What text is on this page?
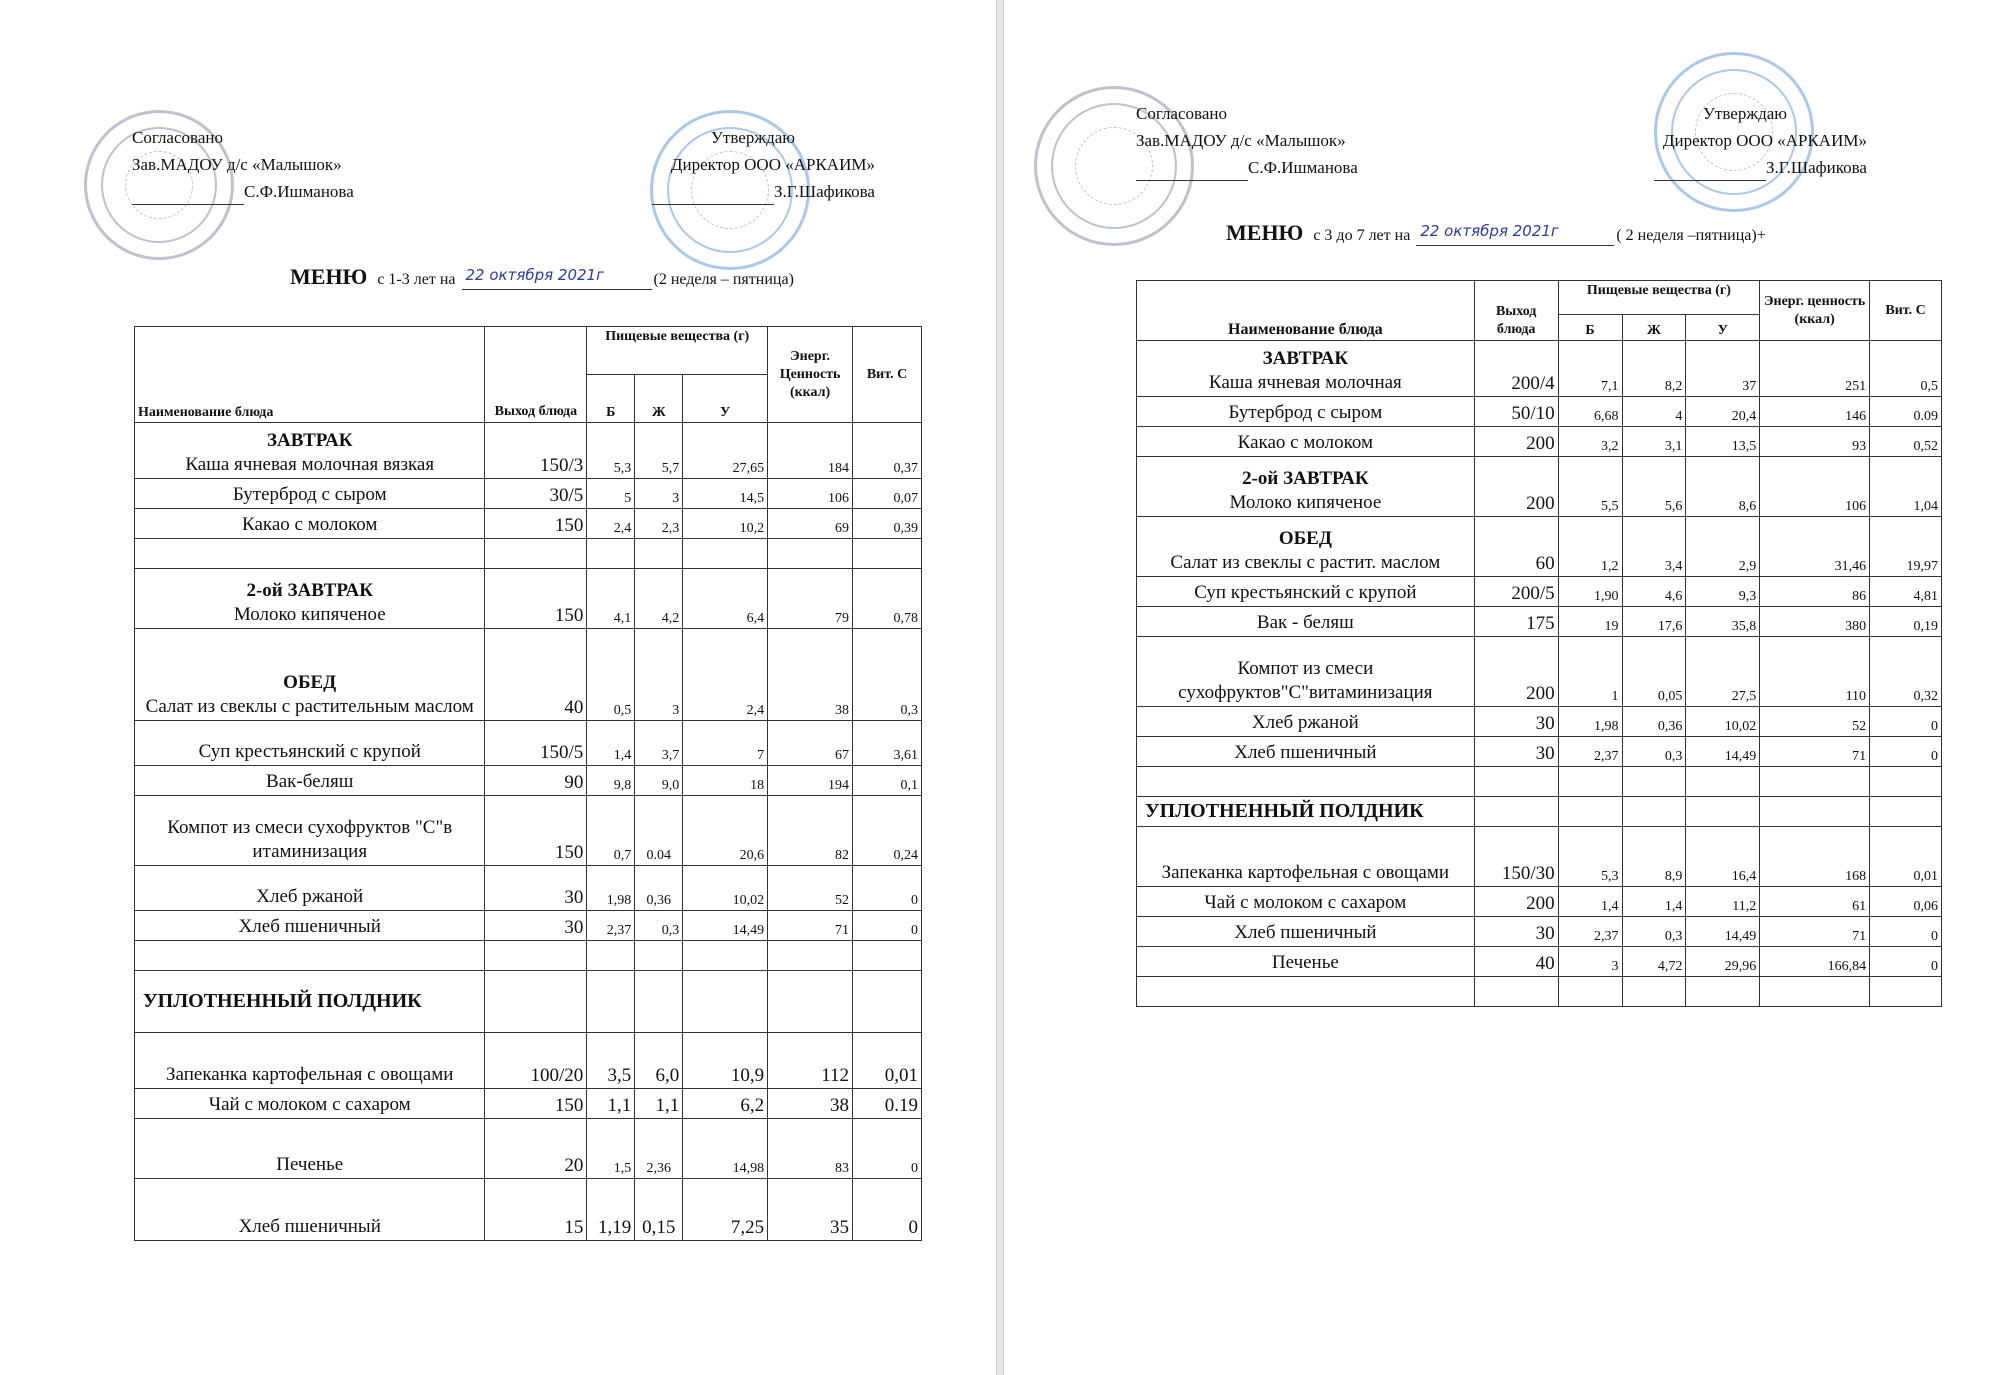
Согласовано
Зав.МАДОУ д/с «Малышок»
С.Ф.Ишманова
Утверждаю
Директор ООО «АРКАИМ»
З.Г.Шафикова
МЕНЮ с 1-3 лет на 22 октября 2021г	(2 неделя – пятница)
Наименование блюда	Выход блюда	Пищевые вещества (г)			Энерг. Ценность (ккал)	Вит. С
		Б	Ж	У		

ЗАВТРАК
Каша ячневая молочная вязкая	150/3	5,3	5,7	27,65	184	0,37
Бутерброд с сыром	30/5	5	3	14,5	106	0,07
Какао с молоком	150	2,4	2,3	10,2	69	0,39

2-ой ЗАВТРАК
Молоко кипяченое	150	4,1	4,2	6,4	79	0,78

ОБЕД
Салат из свеклы с растительным маслом	40	0,5	3	2,4	38	0,3
Суп крестьянский с крупой	150/5	1,4	3,7	7	67	3,61
Вак-беляш	90	9,8	9,0	18	194	0,1
Компот из смеси сухофруктов "С"в итаминизация	150	0,7	0.04	20,6	82	0,24
Хлеб ржаной	30	1,98	0,36	10,02	52	0
Хлеб пшеничный	30	2,37	0,3	14,49	71	0

УПЛОТНЕННЫЙ ПОЛДНИК						
Запеканка картофельная с овощами	100/20	3,5	6,0	10,9	112	0,01
Чай с молоком с сахаром	150	1,1	1,1	6,2	38	0.19
Печенье	20	1,5	2,36	14,98	83	0
Хлеб пшеничный	15	1,19	0,15	7,25	35	0
Согласовано
Зав.МАДОУ д/с «Малышок»
С.Ф.Ишманова
Утверждаю
Директор ООО «АРКАИМ»
З.Г.Шафикова
МЕНЮ с 3 до 7 лет на 22 октября 2021г	( 2 неделя –пятница)+
Наименование блюда	Выход блюда	Пищевые вещества (г)			Энерг. ценность (ккал)	Вит. С
		Б	Ж	У		

ЗАВТРАК
Каша ячневая молочная	200/4	7,1	8,2	37	251	0,5
Бутерброд с сыром	50/10	6,68	4	20,4	146	0.09
Какао с молоком	200	3,2	3,1	13,5	93	0,52

2-ой ЗАВТРАК
Молоко кипяченое	200	5,5	5,6	8,6	106	1,04

ОБЕД
Салат из свеклы с растит. маслом	60	1,2	3,4	2,9	31,46	19,97
Суп крестьянский с крупой	200/5	1,90	4,6	9,3	86	4,81
Вак - беляш	175	19	17,6	35,8	380	0,19
Компот из смеси сухофруктов"С"витаминизация	200	1	0,05	27,5	110	0,32
Хлеб ржаной	30	1,98	0,36	10,02	52	0
Хлеб пшеничный	30	2,37	0,3	14,49	71	0

УПЛОТНЕННЫЙ ПОЛДНИК						
Запеканка картофельная с овощами	150/30	5,3	8,9	16,4	168	0,01
Чай с молоком с сахаром	200	1,4	1,4	11,2	61	0,06
Хлеб пшеничный	30	2,37	0,3	14,49	71	0
Печенье	40	3	4,72	29,96	166,84	0
